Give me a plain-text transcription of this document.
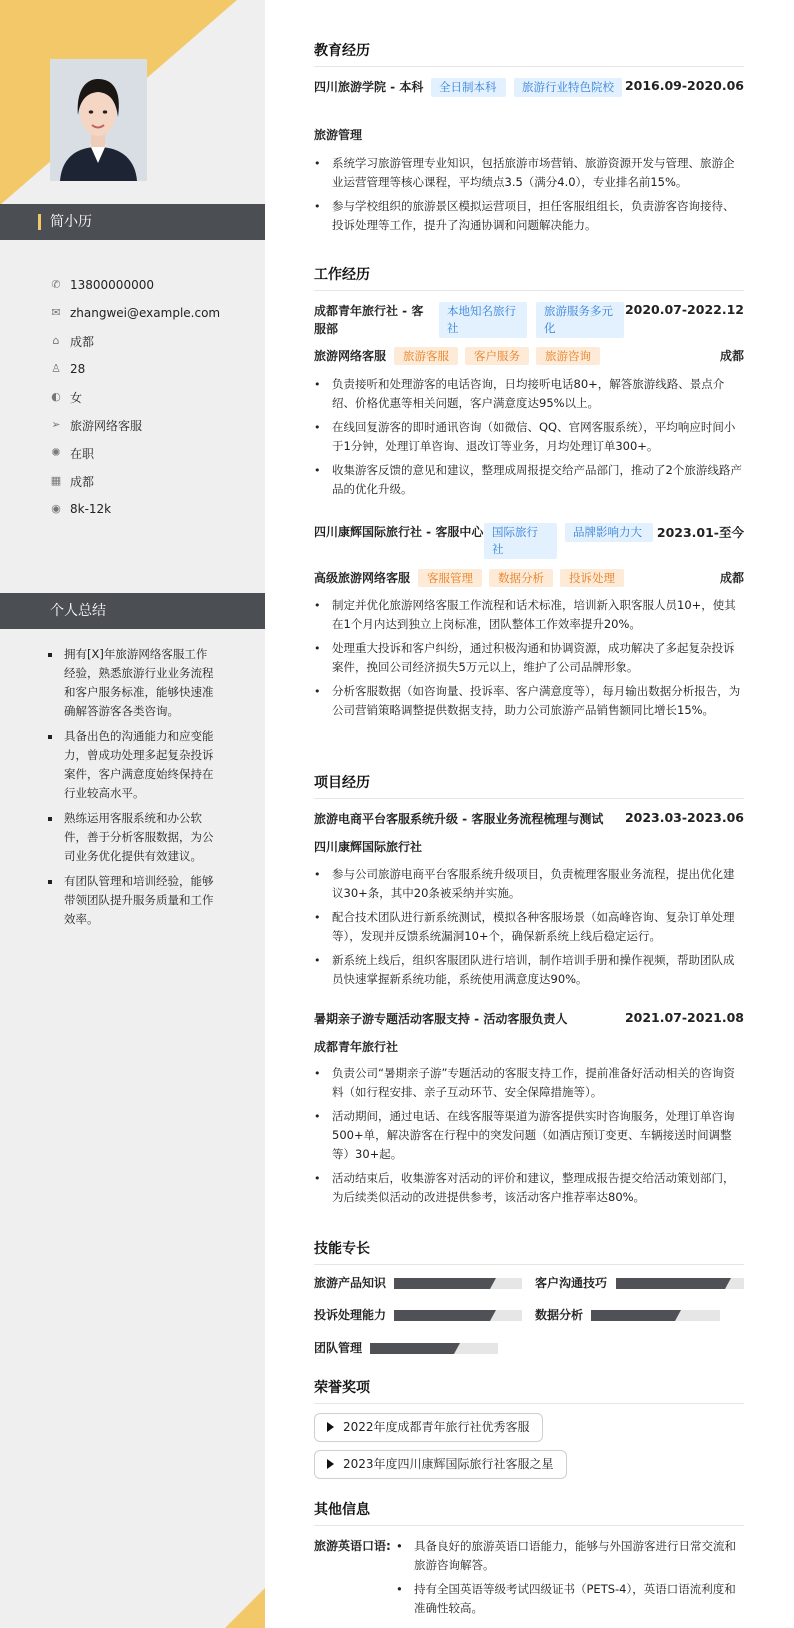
简小历
✆ 13800000000
✉ zhangwei@example.com
⌂ 成都
♙ 28
◐ 女
➢ 旅游网络客服
✺ 在职
▦ 成都
◉ 8k-12k
个人总结
拥有[X]年旅游网络客服工作经验，熟悉旅游行业业务流程和客户服务标准，能够快速准确解答游客各类咨询。
具备出色的沟通能力和应变能力，曾成功处理多起复杂投诉案件，客户满意度始终保持在行业较高水平。
熟练运用客服系统和办公软件，善于分析客服数据，为公司业务优化提供有效建议。
有团队管理和培训经验，能够带领团队提升服务质量和工作效率。
教育经历
四川旅游学院 - 本科	全日制本科	旅游行业特色院校 2016.09-2020.06
旅游管理
• 系统学习旅游管理专业知识，包括旅游市场营销、旅游资源开发与管理、旅游企业运营管理等核心课程，平均绩点3.5（满分4.0），专业排名前15%。
• 参与学校组织的旅游景区模拟运营项目，担任客服组组长，负责游客咨询接待、投诉处理等工作，提升了沟通协调和问题解决能力。
工作经历
成都青年旅行社 - 客服部
本地知名旅行社
旅游服务多元化
2020.07-2022.12
旅游网络客服	旅游客服	客户服务	旅游咨询	成都
• 负责接听和处理游客的电话咨询，日均接听电话80+，解答旅游线路、景点介绍、价格优惠等相关问题，客户满意度达95%以上。
• 在线回复游客的即时通讯咨询（如微信、QQ、官网客服系统），平均响应时间小于1分钟，处理订单咨询、退改订等业务，月均处理订单300+。
• 收集游客反馈的意见和建议，整理成周报提交给产品部门，推动了2个旅游线路产品的优化升级。
四川康辉国际旅行社 - 客服中心 国际旅行社
品牌影响力大	2023.01-至今
高级旅游网络客服	客服管理	数据分析	投诉处理	成都
• 制定并优化旅游网络客服工作流程和话术标准，培训新入职客服人员10+，使其在1个月内达到独立上岗标准，团队整体工作效率提升20%。
• 处理重大投诉和客户纠纷，通过积极沟通和协调资源，成功解决了多起复杂投诉案件，挽回公司经济损失5万元以上，维护了公司品牌形象。
• 分析客服数据（如咨询量、投诉率、客户满意度等），每月输出数据分析报告，为公司营销策略调整提供数据支持，助力公司旅游产品销售额同比增长15%。
项目经历
旅游电商平台客服系统升级 - 客服业务流程梳理与测试	2023.03-2023.06
四川康辉国际旅行社
• 参与公司旅游电商平台客服系统升级项目，负责梳理客服业务流程，提出优化建议30+条，其中20条被采纳并实施。
• 配合技术团队进行新系统测试，模拟各种客服场景（如高峰咨询、复杂订单处理等），发现并反馈系统漏洞10+个，确保新系统上线后稳定运行。
• 新系统上线后，组织客服团队进行培训，制作培训手册和操作视频，帮助团队成员快速掌握新系统功能，系统使用满意度达90%。
暑期亲子游专题活动客服支持 - 活动客服负责人	2021.07-2021.08
成都青年旅行社
• 负责公司“暑期亲子游”专题活动的客服支持工作，提前准备好活动相关的咨询资料（如行程安排、亲子互动环节、安全保障措施等）。
• 活动期间，通过电话、在线客服等渠道为游客提供实时咨询服务，处理订单咨询500+单，解决游客在行程中的突发问题（如酒店预订变更、车辆接送时间调整等）30+起。
• 活动结束后，收集游客对活动的评价和建议，整理成报告提交给活动策划部门，为后续类似活动的改进提供参考，该活动客户推荐率达80%。
技能专长
旅游产品知识	客户沟通技巧
投诉处理能力	数据分析
团队管理
荣誉奖项
2022年度成都青年旅行社优秀客服
2023年度四川康辉国际旅行社客服之星
其他信息
旅游英语口语:
•	具备良好的旅游英语口语能力，能够与外国游客进行日常交流和旅游咨询解答。
• 持有全国英语等级考试四级证书（PETS-4），英语口语流利度和准确性较高。
